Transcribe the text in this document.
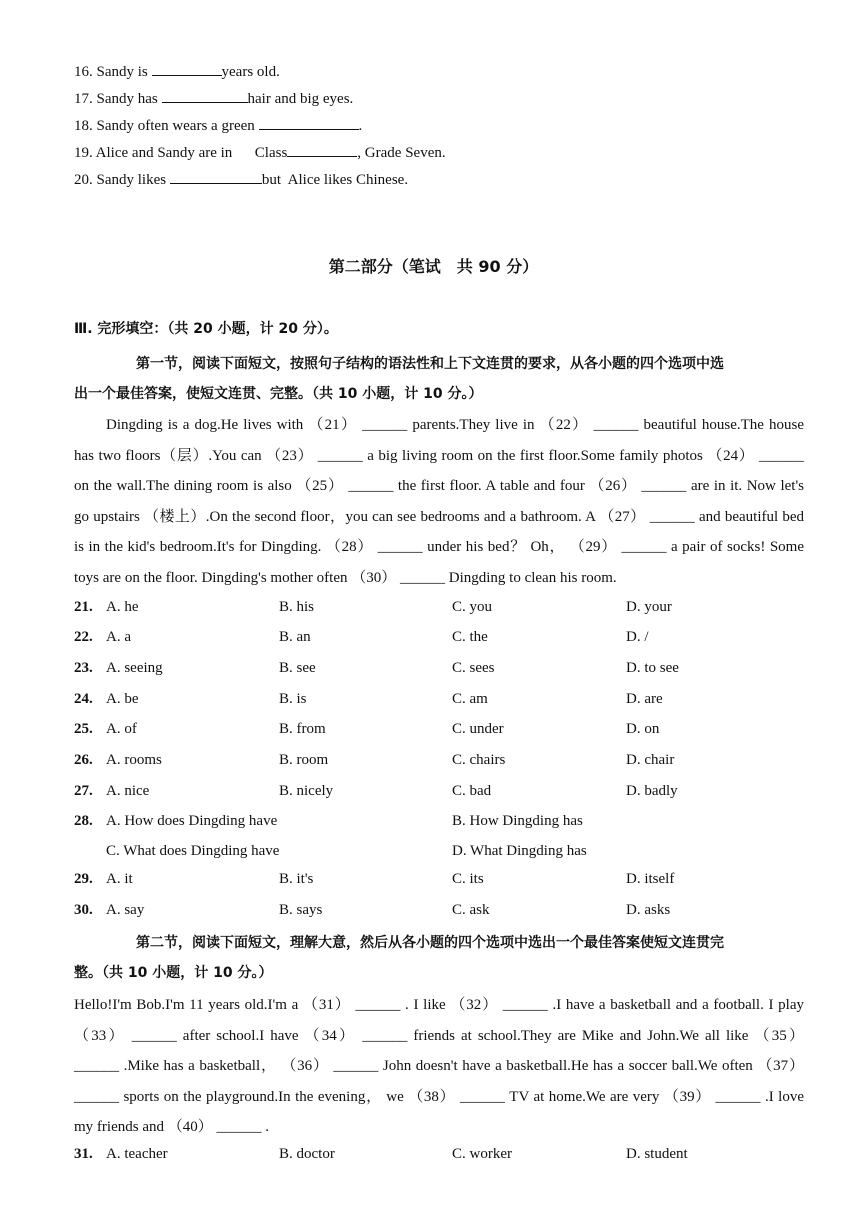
16. Sandy is	years old.
17. Sandy has	hair and big eyes.
18. Sandy often wears a green	.
19. Alice and Sandy are in      Class	, Grade Seven.
20. Sandy likes	but  Alice likes Chinese.
第二部分（笔试　共 90 分）
Ⅲ. 完形填空：（共 20 小题，计 20 分）。
第一节，阅读下面短文，按照句子结构的语法性和上下文连贯的要求，从各小题的四个选项中选
出一个最佳答案，使短文连贯、完整。（共 10 小题，计 10 分。）
Dingding is a dog.He lives with （21） ______ parents.They live in （22） ______ beautiful house.The house
has two floors（层）.You can （23） ______ a big living room on the first floor.Some family photos （24） ______
on the wall.The dining room is also （25） ______ the first floor. A table and four （26） ______ are in it. Now let's
go upstairs （楼上）.On the second floor，you can see bedrooms and a bathroom. A （27） ______ and beautiful bed
is in the kid's bedroom.It's for Dingding. （28） ______ under his bed？ Oh， （29） ______ a pair of socks! Some
toys are on the floor. Dingding's mother often （30） ______ Dingding to clean his room.
21. A. he	B. his	C. you	D. your
22. A. a	B. an	C. the	D. /
23. A. seeing	B. see	C. sees	D. to see
24. A. be	B. is	C. am	D. are
25. A. of	B. from	C. under	D. on
26. A. rooms	B. room	C. chairs	D. chair
27. A. nice	B. nicely	C. bad	D. badly
28. A. How does Dingding have	B. How Dingding has
C. What does Dingding have	D. What Dingding has
29. A. it	B. it's	C. its	D. itself
30. A. say	B. says	C. ask	D. asks
第二节，阅读下面短文，理解大意，然后从各小题的四个选项中选出一个最佳答案使短文连贯完
整。（共 10 小题，计 10 分。）
Hello!I'm Bob.I'm 11 years old.I'm a （31） ______ . I like （32） ______ .I have a basketball and a football. I play
（33） ______ after school.I have （34） ______ friends at school.They are Mike and John.We all like （35）
______ .Mike has a basketball， （36） ______ John doesn't have a basketball.He has a soccer ball.We often （37）
______ sports on the playground.In the evening， we （38） ______ TV at home.We are very （39） ______ .I love
my friends and （40） ______ .
31. A. teacher	B. doctor	C. worker	D. student
